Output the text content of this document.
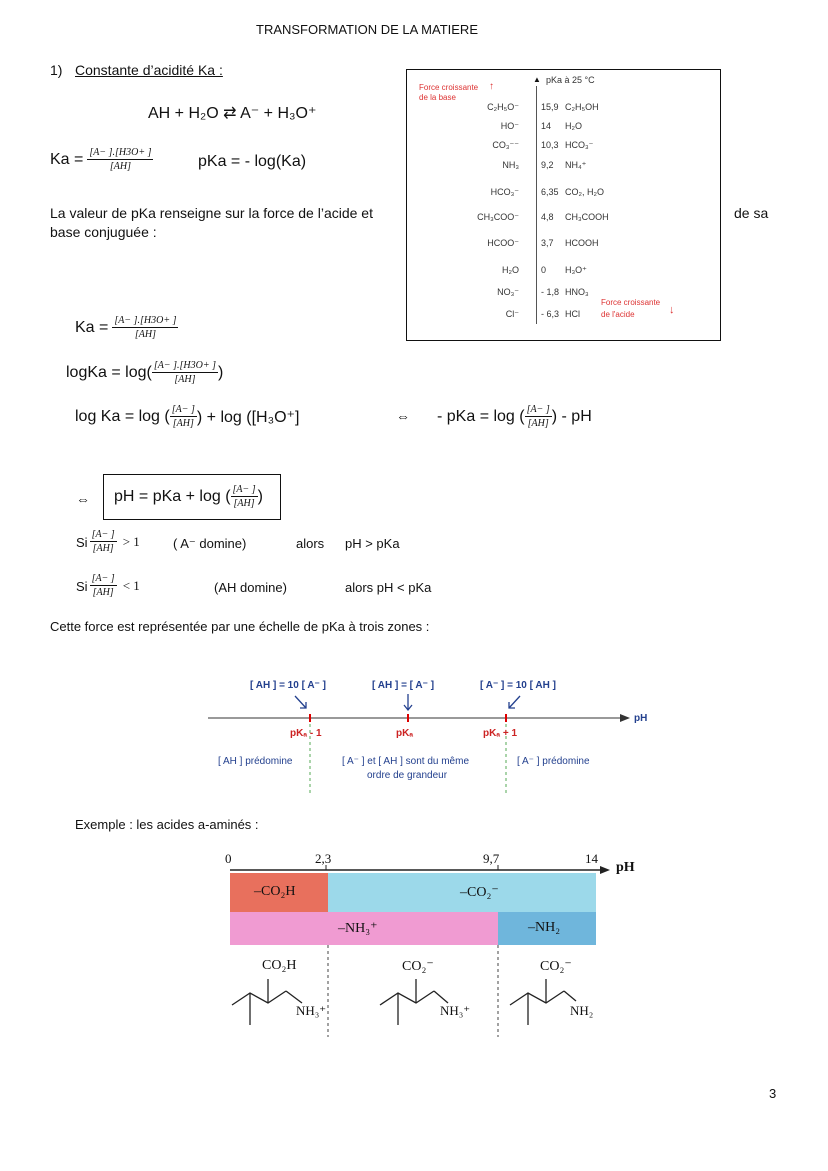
TRANSFORMATION DE LA MATIERE
1) Constante d’acidité Ka :
AH + H₂O ⇄ A⁻ + H₃O⁺
$Ka = \frac{[A- ].[H3O+ ]}{[AH]}$	pKa = - log(Ka)
La valeur de pKa renseigne sur la force de l’acide et	de sa
base conjuguée :
Force croissante ↑
de la base
▲ pKa à 25 °C
C₂H₅O⁻ 15,9 C₂H₅OH
HO⁻ 14 H₂O
CO₃⁻⁻ 10,3 HCO₃⁻
NH₃ 9,2 NH₄⁺
HCO₃⁻ 6,35 CO₂, H₂O
CH₃COO⁻ 4,8 CH₃COOH
HCOO⁻ 3,7 HCOOH
H₂O 0 H₃O⁺
NO₃⁻ - 1,8 HNO₃
Cl⁻ - 6,3 HCl
Force croissante
de l'acide	↓
$Ka = \frac{[A- ].[H3O+ ]}{[AH]}$
logKa = $\log( \frac{[A- ].[H3O+ ]}{[AH]}$ )
log Ka = log ( $\frac{[A- ]}{[AH]}$ ) + log ([H₃O⁺]	⇔ - pKa = log ( $\frac{[A- ]}{[AH]}$ ) - pH
⇔ pH = pKa + log ( $\frac{[A- ]}{[AH]}$ )
Si $\frac{[A- ]}{[AH]} > 1$	( A⁻ domine)	alors pH > pKa
Si $\frac{[A- ]}{[AH]} < 1$	(AH domine)	alors pH < pKa
Cette force est représentée par une échelle de pKa à trois zones :
[ AH ] = 10 [ A⁻ ]	[ AH ] = [ A⁻ ]	[ A⁻ ] = 10 [ AH ]
pH
pKₐ - 1	pKₐ	pKₐ + 1
[ AH ] prédomine	[ A⁻ ] et [ AH ] sont du même
ordre de grandeur
[ A⁻ ] prédomine
Exemple : les acides a-aminés :
0	2,3	9,7	14
pH
–CO₂H	–CO₂⁻
–NH₃⁺	–NH₂
CO₂H
NH₃⁺
CO₂⁻
NH₃⁺
CO₂⁻
NH₂
3
